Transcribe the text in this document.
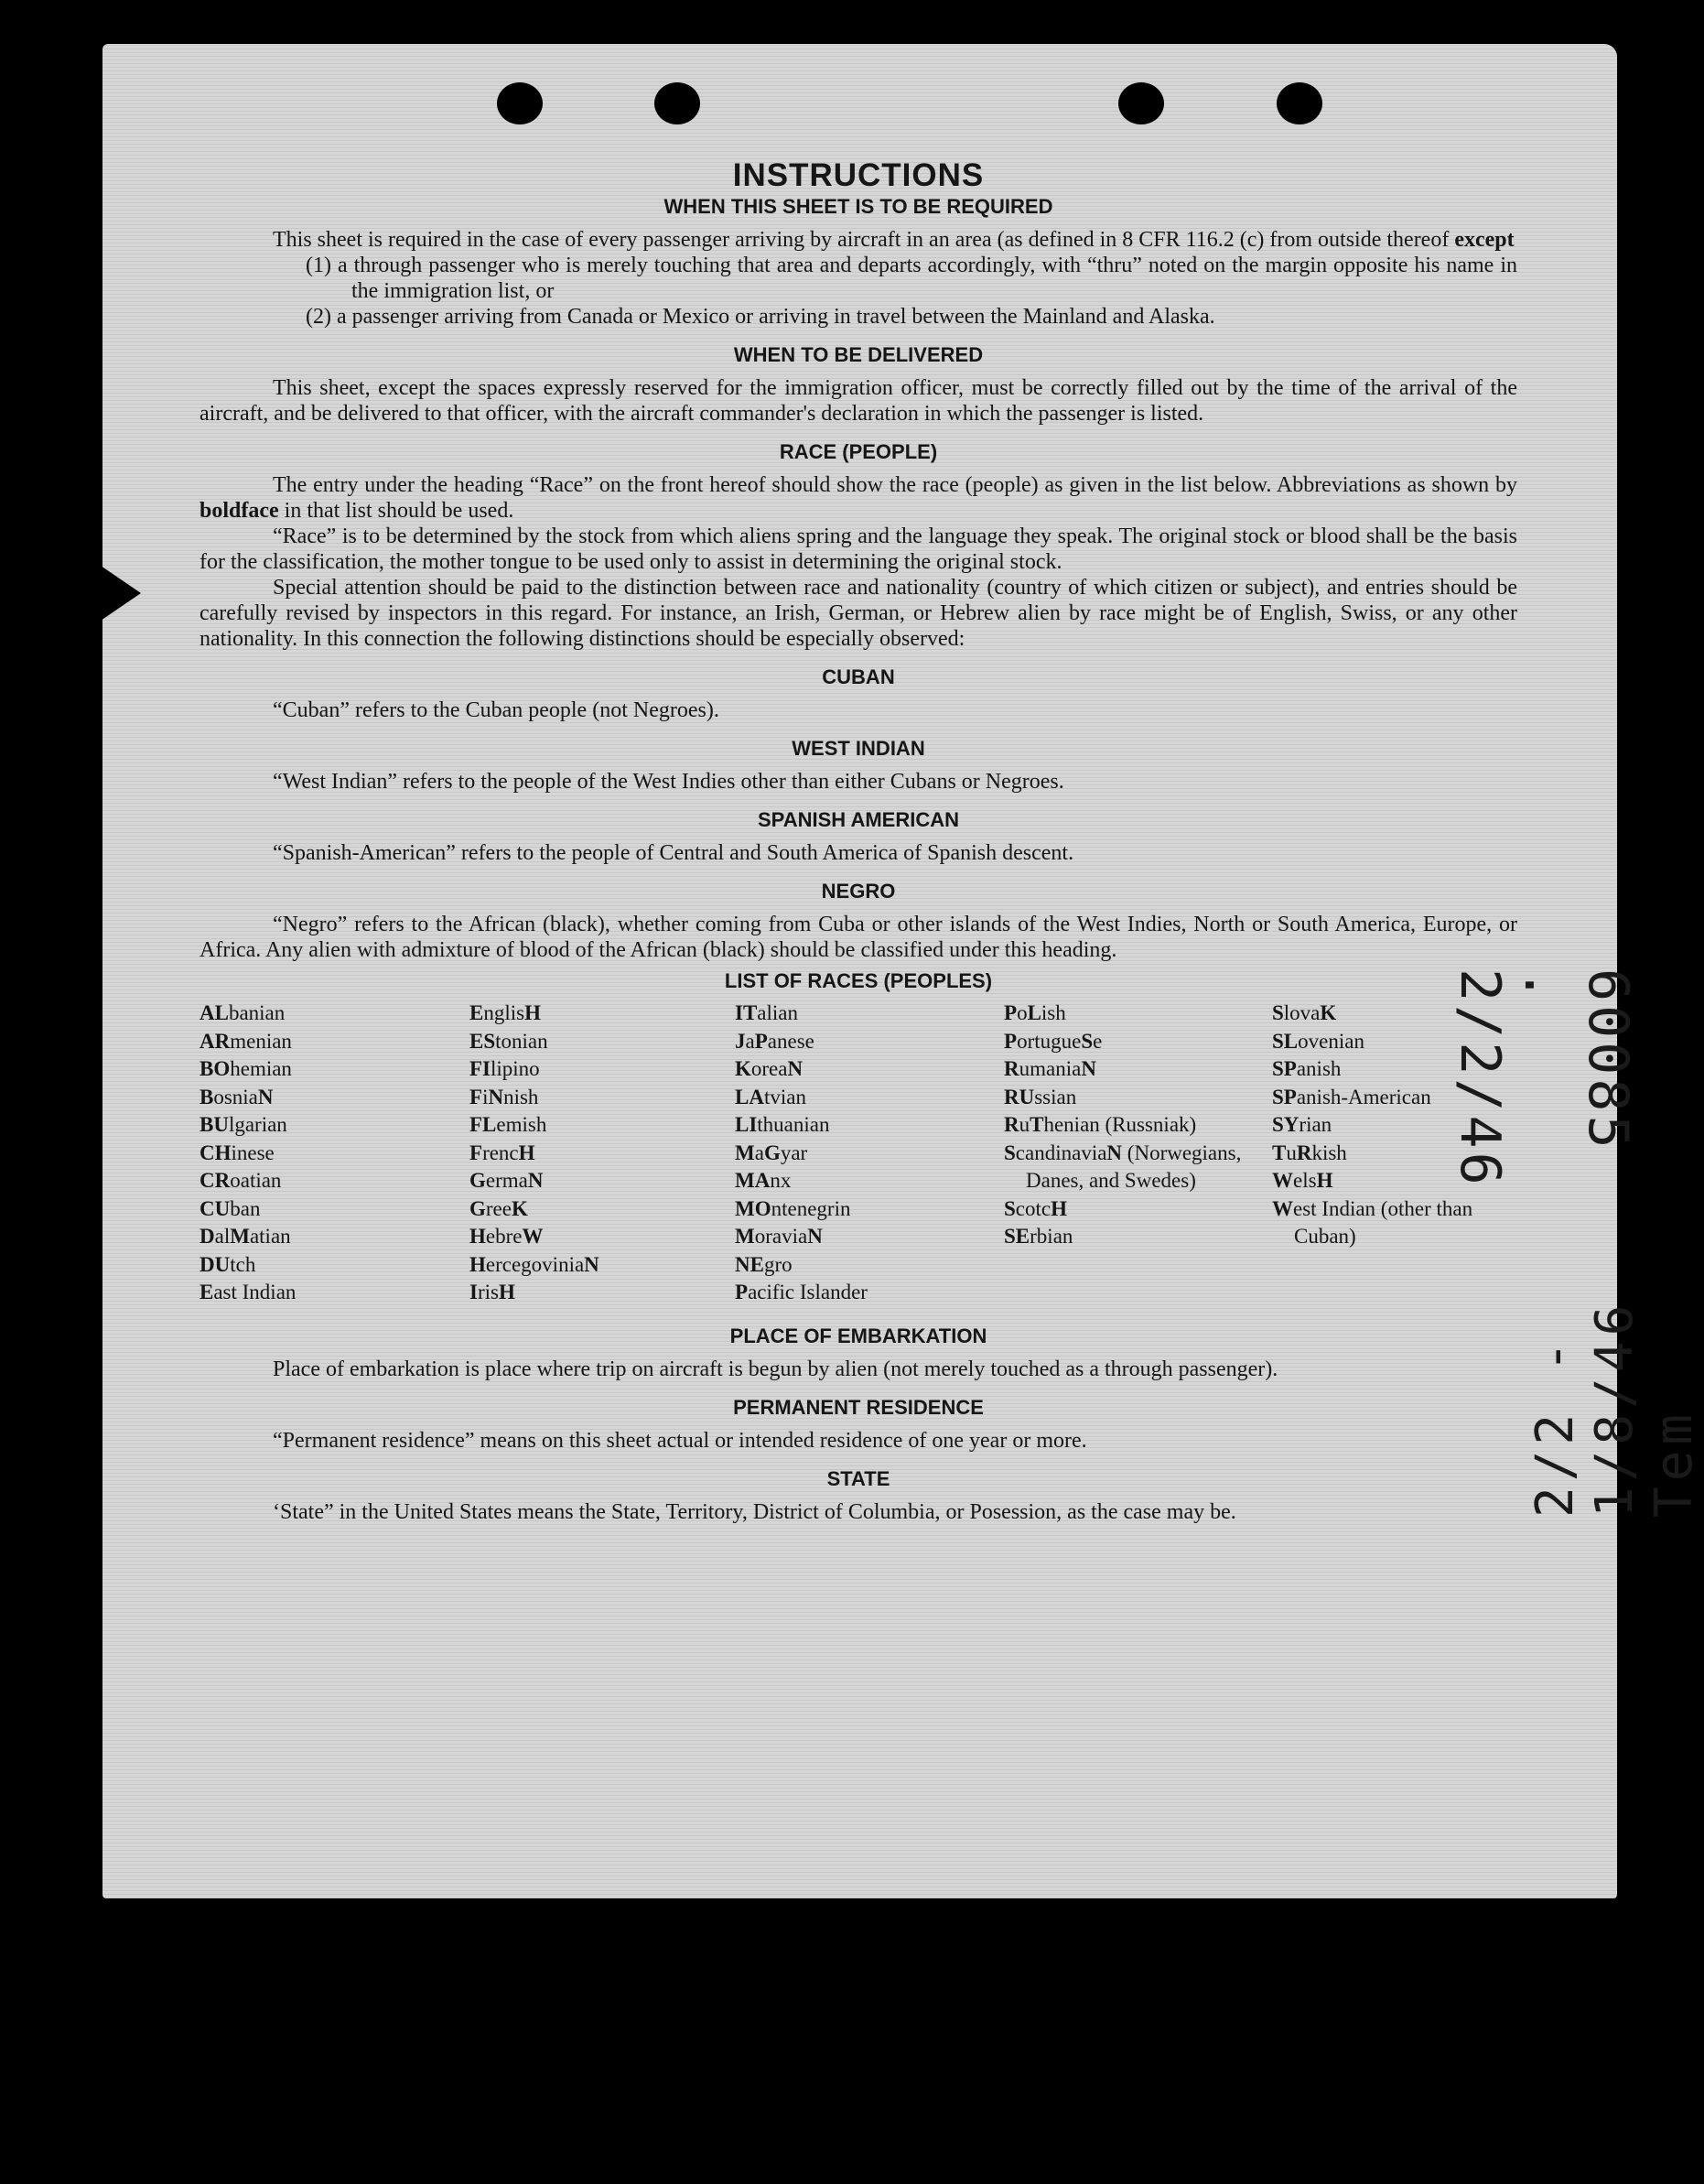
INSTRUCTIONS
WHEN THIS SHEET IS TO BE REQUIRED

This sheet is required in the case of every passenger arriving by aircraft in an area (as defined in 8 CFR 116.2 (c) from outside thereof except

(1) a through passenger who is merely touching that area and departs accordingly, with “thru” noted on the margin opposite his name in the immigration list, or

(2) a passenger arriving from Canada or Mexico or arriving in travel between the Mainland and Alaska.

WHEN TO BE DELIVERED

This sheet, except the spaces expressly reserved for the immigration officer, must be correctly filled out by the time of the arrival of the aircraft, and be delivered to that officer, with the aircraft commander's declaration in which the passenger is listed.

RACE (PEOPLE)

The entry under the heading “Race” on the front hereof should show the race (people) as given in the list below. Abbreviations as shown by boldface in that list should be used.

“Race” is to be determined by the stock from which aliens spring and the language they speak. The original stock or blood shall be the basis for the classification, the mother tongue to be used only to assist in determining the original stock.

Special attention should be paid to the distinction between race and nationality (country of which citizen or subject), and entries should be carefully revised by inspectors in this regard. For instance, an Irish, German, or Hebrew alien by race might be of English, Swiss, or any other nationality. In this connection the following distinctions should be especially observed:

CUBAN

“Cuban” refers to the Cuban people (not Negroes).

WEST INDIAN

“West Indian” refers to the people of the West Indies other than either Cubans or Negroes.

SPANISH AMERICAN

“Spanish-American” refers to the people of Central and South America of Spanish descent.

NEGRO

“Negro” refers to the African (black), whether coming from Cuba or other islands of the West Indies, North or South America, Europe, or Africa. Any alien with admixture of blood of the African (black) should be classified under this heading.

LIST OF RACES (PEOPLES)
ALbanian
ARmenian
BOhemian
BosniaN
BUlgarian
CHinese
CRoatian
CUban
DalMatian
DUtch
East Indian
EnglisH
EStonian
FIlipino
FiNnish
FLemish
FrencH
GermaN
GreeK
HebreW
HercegoviniaN
IrisH
ITalian
JaPanese
KoreaN
LAtvian
LIthuanian
MaGyar
MAnx
MOntenegrin
MoraviaN
NEgro
Pacific Islander
PoLish
PortugueSe
RumaniaN
RUssian
RuThenian (Russniak)
ScandinaviaN (Norwegians, Danes, and Swedes)
ScotcH
SErbian
SlovaK
SLovenian
SPanish
SPanish-American
SYrian
TuRkish
WelsH
West Indian (other than Cuban)
PLACE OF EMBARKATION

Place of embarkation is place where trip on aircraft is begun by alien (not merely touched as a through passenger).

PERMANENT RESIDENCE

“Permanent residence” means on this sheet actual or intended residence of one year or more.

STATE

‘State” in the United States means the State, Territory, District of Columbia, or Posession, as the case may be.

60085 . 2/2/46
2/2 - 1/8/46 Tem
